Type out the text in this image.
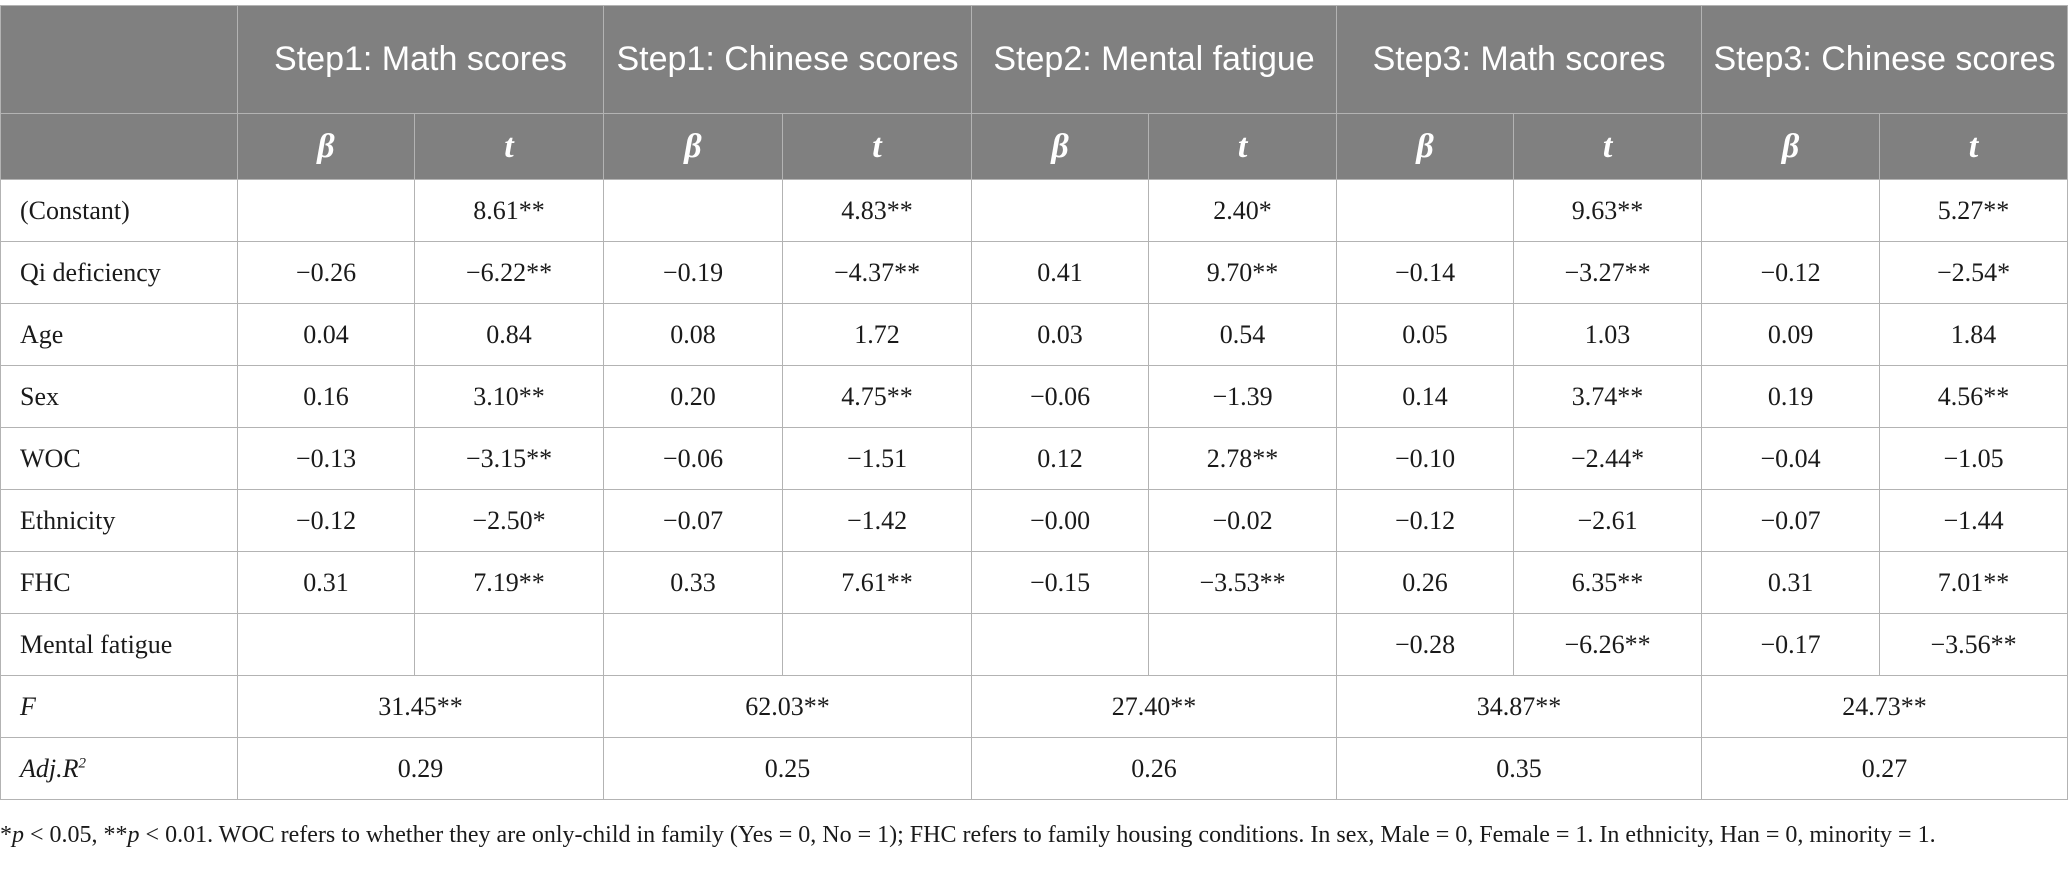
	Step1: Math scores		Step1: Chinese scores		Step2: Mental fatigue		Step3: Math scores		Step3: Chinese scores	
	β	t	β	t	β	t	β	t	β	t
(Constant)		8.61**		4.83**		2.40*		9.63**		5.27**
Qi deficiency	−0.26	−6.22**	−0.19	−4.37**	0.41	9.70**	−0.14	−3.27**	−0.12	−2.54*
Age	0.04	0.84	0.08	1.72	0.03	0.54	0.05	1.03	0.09	1.84
Sex	0.16	3.10**	0.20	4.75**	−0.06	−1.39	0.14	3.74**	0.19	4.56**
WOC	−0.13	−3.15**	−0.06	−1.51	0.12	2.78**	−0.10	−2.44*	−0.04	−1.05
Ethnicity	−0.12	−2.50*	−0.07	−1.42	−0.00	−0.02	−0.12	−2.61	−0.07	−1.44
FHC	0.31	7.19**	0.33	7.61**	−0.15	−3.53**	0.26	6.35**	0.31	7.01**
Mental fatigue							−0.28	−6.26**	−0.17	−3.56**
F	31.45**		62.03**		27.40**		34.87**		24.73**	
$Adj.R^2$	0.29		0.25		0.26		0.35		0.27	
*p < 0.05, **p < 0.01. WOC refers to whether they are only-child in family (Yes = 0, No = 1); FHC refers to family housing conditions. In sex, Male = 0, Female = 1. In ethnicity, Han = 0, minority = 1.
